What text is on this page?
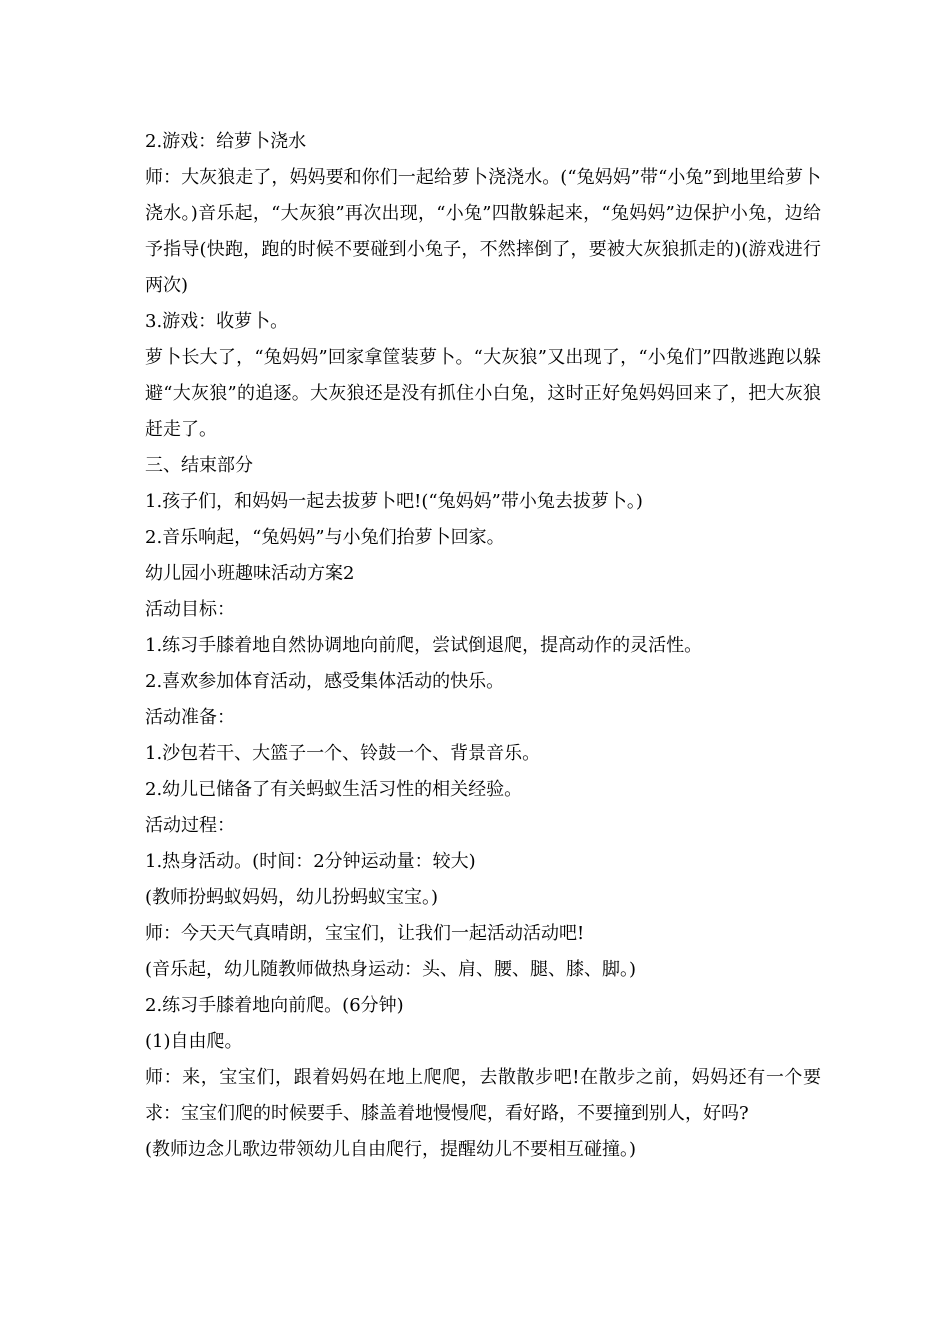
2.游戏：给萝卜浇水

师：大灰狼走了，妈妈要和你们一起给萝卜浇浇水。(“兔妈妈”带“小兔”到地里给萝卜浇水。)音乐起，“大灰狼”再次出现，“小兔”四散躲起来，“兔妈妈”边保护小兔，边给予指导(快跑，跑的时候不要碰到小兔子，不然摔倒了，要被大灰狼抓走的)(游戏进行两次)

3.游戏：收萝卜。

萝卜长大了，“兔妈妈”回家拿筐装萝卜。“大灰狼”又出现了，“小兔们”四散逃跑以躲避“大灰狼”的追逐。大灰狼还是没有抓住小白兔，这时正好兔妈妈回来了，把大灰狼赶走了。

三、结束部分

1.孩子们，和妈妈一起去拔萝卜吧!(“兔妈妈”带小兔去拔萝卜。)

2.音乐响起，“兔妈妈”与小兔们抬萝卜回家。

幼儿园小班趣味活动方案2

活动目标：

1.练习手膝着地自然协调地向前爬，尝试倒退爬，提高动作的灵活性。

2.喜欢参加体育活动，感受集体活动的快乐。

活动准备：

1.沙包若干、大篮子一个、铃鼓一个、背景音乐。

2.幼儿已储备了有关蚂蚁生活习性的相关经验。

活动过程：

1.热身活动。(时间：2分钟运动量：较大)

(教师扮蚂蚁妈妈，幼儿扮蚂蚁宝宝。)

师：今天天气真晴朗，宝宝们，让我们一起活动活动吧!

(音乐起，幼儿随教师做热身运动：头、肩、腰、腿、膝、脚。)

2.练习手膝着地向前爬。(6分钟)

(1)自由爬。

师：来，宝宝们，跟着妈妈在地上爬爬，去散散步吧!在散步之前，妈妈还有一个要求：宝宝们爬的时候要手、膝盖着地慢慢爬，看好路，不要撞到别人，好吗?

(教师边念儿歌边带领幼儿自由爬行，提醒幼儿不要相互碰撞。)
